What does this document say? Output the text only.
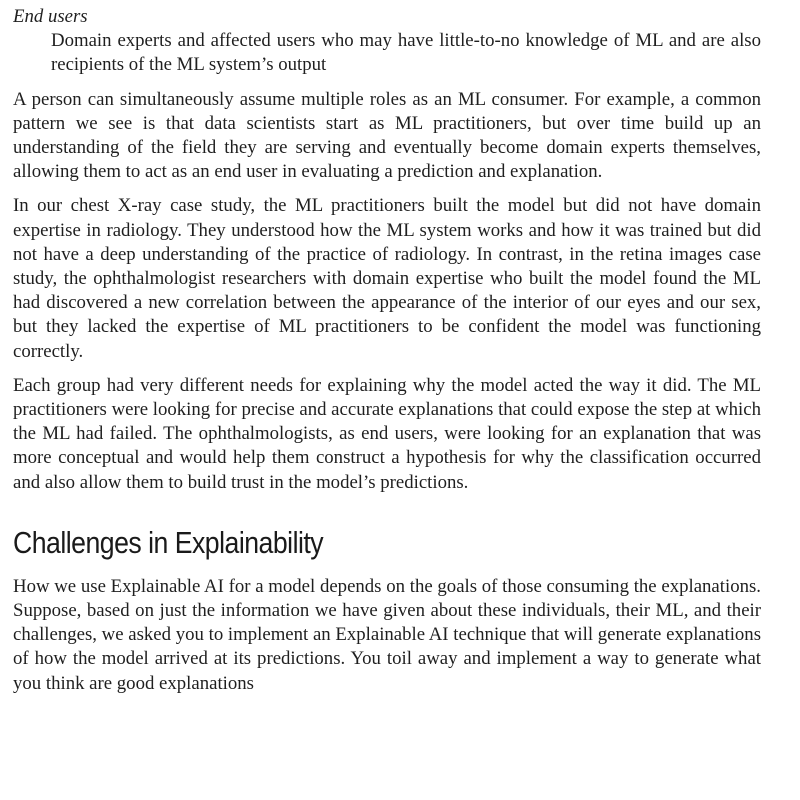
End users
Domain experts and affected users who may have little-to-no knowledge of ML and are also recipients of the ML system’s output

A person can simultaneously assume multiple roles as an ML consumer. For example, a common pattern we see is that data scientists start as ML practitioners, but over time build up an understanding of the field they are serving and eventually become domain experts themselves, allowing them to act as an end user in evaluating a prediction and explanation.

In our chest X-ray case study, the ML practitioners built the model but did not have domain expertise in radiology. They understood how the ML system works and how it was trained but did not have a deep understanding of the practice of radiology. In contrast, in the retina images case study, the ophthalmologist researchers with domain expertise who built the model found the ML had discovered a new correlation between the appearance of the interior of our eyes and our sex, but they lacked the expertise of ML practitioners to be confident the model was functioning correctly.

Each group had very different needs for explaining why the model acted the way it did. The ML practitioners were looking for precise and accurate explanations that could expose the step at which the ML had failed. The ophthalmologists, as end users, were looking for an explanation that was more conceptual and would help them construct a hypothesis for why the classification occurred and also allow them to build trust in the model’s predictions.

Challenges in Explainability

How we use Explainable AI for a model depends on the goals of those consuming the explanations. Suppose, based on just the information we have given about these individuals, their ML, and their challenges, we asked you to implement an Explainable AI technique that will generate explanations of how the model arrived at its predictions. You toil away and implement a way to generate what you think are good explanations
